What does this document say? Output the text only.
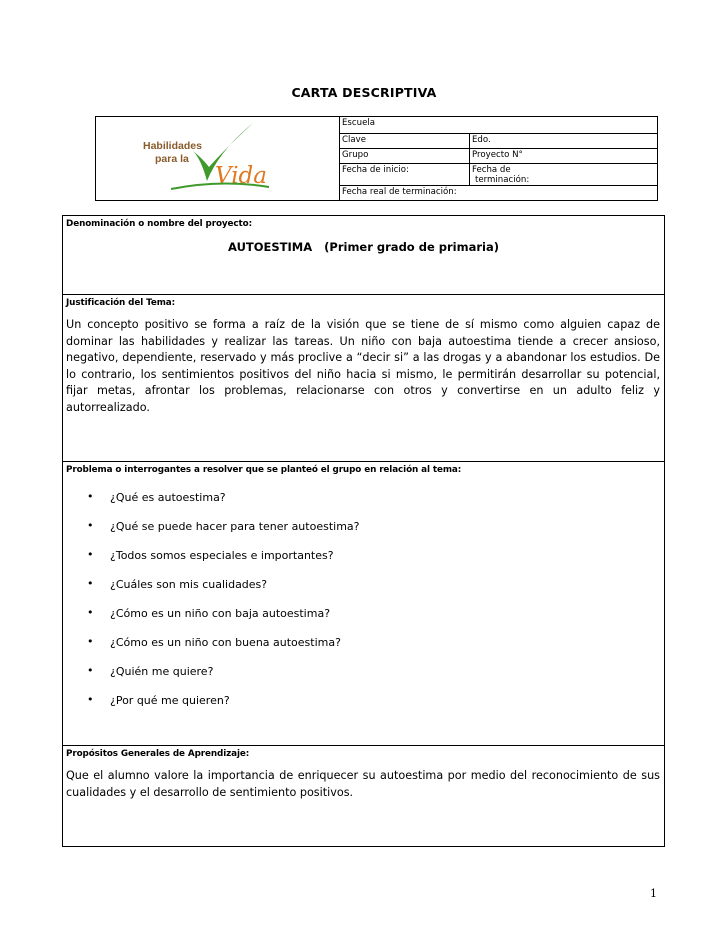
CARTA DESCRIPTIVA
Habilidades
para la
Vida
Escuela
Clave	Edo.
Grupo	Proyecto N°
Fecha de inicio:	Fecha de
terminación:
Fecha real de terminación:
Denominación o nombre del proyecto:
AUTOESTIMA   (Primer grado de primaria)
Justificación del Tema:
Un concepto positivo se forma a raíz de la visión que se tiene de sí mismo como alguien capaz de dominar las habilidades y realizar las tareas. Un niño con baja autoestima tiende a crecer ansioso, negativo, dependiente, reservado y más proclive a “decir si” a las drogas y a abandonar los estudios. De lo contrario, los sentimientos positivos del niño hacia si mismo, le permitirán desarrollar su potencial, fijar metas, afrontar los problemas, relacionarse con otros y convertirse en un adulto feliz y autorrealizado.
Problema o interrogantes a resolver que se planteó el grupo en relación al tema:
• ¿Qué es autoestima?
• ¿Qué se puede hacer para tener autoestima?
• ¿Todos somos especiales e importantes?
• ¿Cuáles son mis cualidades?
• ¿Cómo es un niño con baja autoestima?
• ¿Cómo es un niño con buena autoestima?
• ¿Quién me quiere?
• ¿Por qué me quieren?
Propósitos Generales de Aprendizaje:
Que el alumno valore la importancia de enriquecer su autoestima por medio del reconocimiento de sus cualidades y el desarrollo de sentimiento positivos.
1
